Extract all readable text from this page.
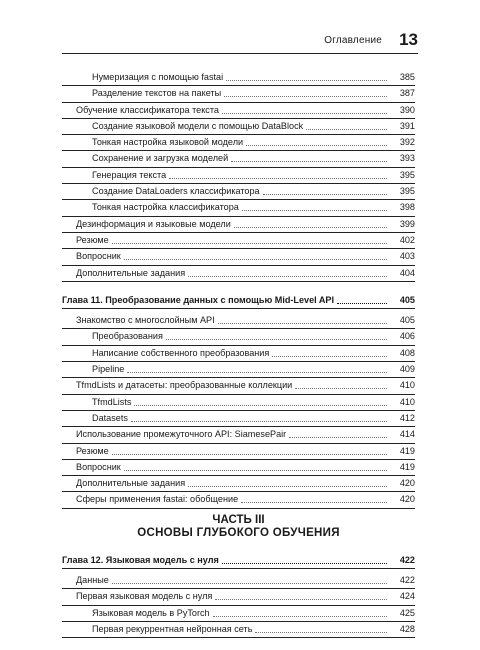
Оглавление 13
Нумеризация с помощью fastai	385
Разделение текстов на пакеты	387
Обучение классификатора текста	390
Создание языковой модели с помощью DataBlock	391
Тонкая настройка языковой модели	392
Сохранение и загрузка моделей	393
Генерация текста	395
Создание DataLoaders классификатора	395
Тонкая настройка классификатора	398
Дезинформация и языковые модели	399
Резюме	402
Вопросник	403
Дополнительные задания	404
Глава 11. Преобразование данных с помощью Mid-Level API	405
Знакомство с многослойным API	405
Преобразования	406
Написание собственного преобразования	408
Pipeline	409
TfmdLists и датасеты: преобразованные коллекции	410
TfmdLists	410
Datasets	412
Использование промежуточного API: SiamesePair	414
Резюме	419
Вопросник	419
Дополнительные задания	420
Сферы применения fastai: обобщение	420
ЧАСТЬ III
ОСНОВЫ ГЛУБОКОГО ОБУЧЕНИЯ
Глава 12. Языковая модель с нуля	422
Данные	422
Первая языковая модель с нуля	424
Языковая модель в PyTorch	425
Первая рекуррентная нейронная сеть	428
